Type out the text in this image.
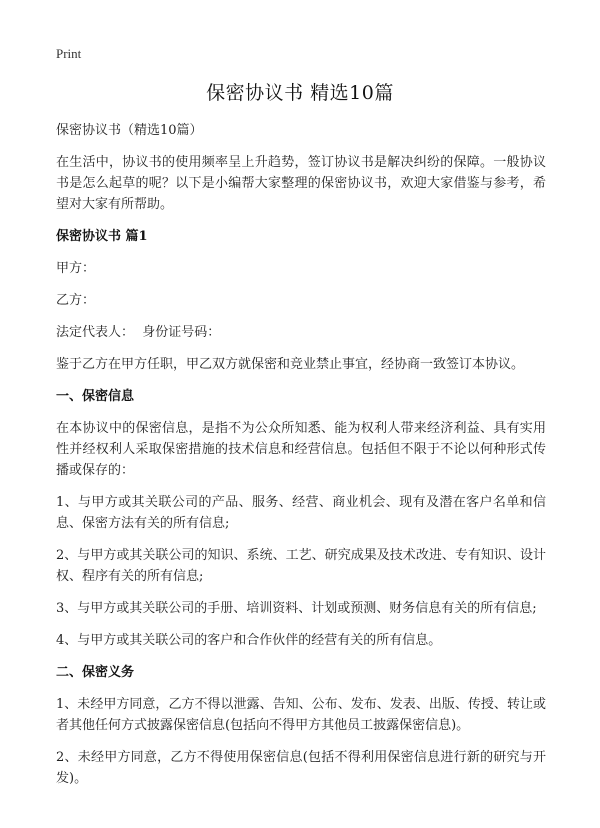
Print
保密协议书 精选10篇

保密协议书（精选10篇）

在生活中，协议书的使用频率呈上升趋势，签订协议书是解决纠纷的保障。一般协议书是怎么起草的呢？以下是小编帮大家整理的保密协议书，欢迎大家借鉴与参考，希望对大家有所帮助。

保密协议书 篇1

甲方：

乙方：

法定代表人：  身份证号码：

鉴于乙方在甲方任职，甲乙双方就保密和竞业禁止事宜，经协商一致签订本协议。

一、保密信息

在本协议中的保密信息，是指不为公众所知悉、能为权利人带来经济利益、具有实用性并经权利人采取保密措施的技术信息和经营信息。包括但不限于不论以何种形式传播或保存的：

1、与甲方或其关联公司的产品、服务、经营、商业机会、现有及潜在客户名单和信息、保密方法有关的所有信息;

2、与甲方或其关联公司的知识、系统、工艺、研究成果及技术改进、专有知识、设计权、程序有关的所有信息;

3、与甲方或其关联公司的手册、培训资料、计划或预测、财务信息有关的所有信息;

4、与甲方或其关联公司的客户和合作伙伴的经营有关的所有信息。

二、保密义务

1、未经甲方同意，乙方不得以泄露、告知、公布、发布、发表、出版、传授、转让或者其他任何方式披露保密信息(包括向不得甲方其他员工披露保密信息)。

2、未经甲方同意，乙方不得使用保密信息(包括不得利用保密信息进行新的研究与开发)。
